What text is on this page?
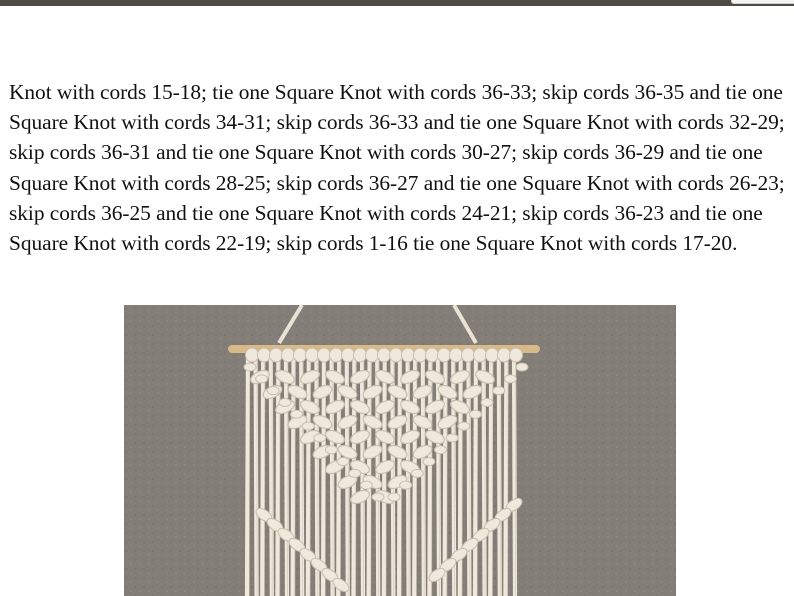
Knot with cords 15-18; tie one Square Knot with cords 36-33; skip cords 36-35 and tie one Square Knot with cords 34-31; skip cords 36-33 and tie one Square Knot with cords 32-29; skip cords 36-31 and tie one Square Knot with cords 30-27; skip cords 36-29 and tie one Square Knot with cords 28-25; skip cords 36-27 and tie one Square Knot with cords 26-23; skip cords 36-25 and tie one Square Knot with cords 24-21; skip cords 36-23 and tie one Square Knot with cords 22-19; skip cords 1-16 tie one Square Knot with cords 17-20.
